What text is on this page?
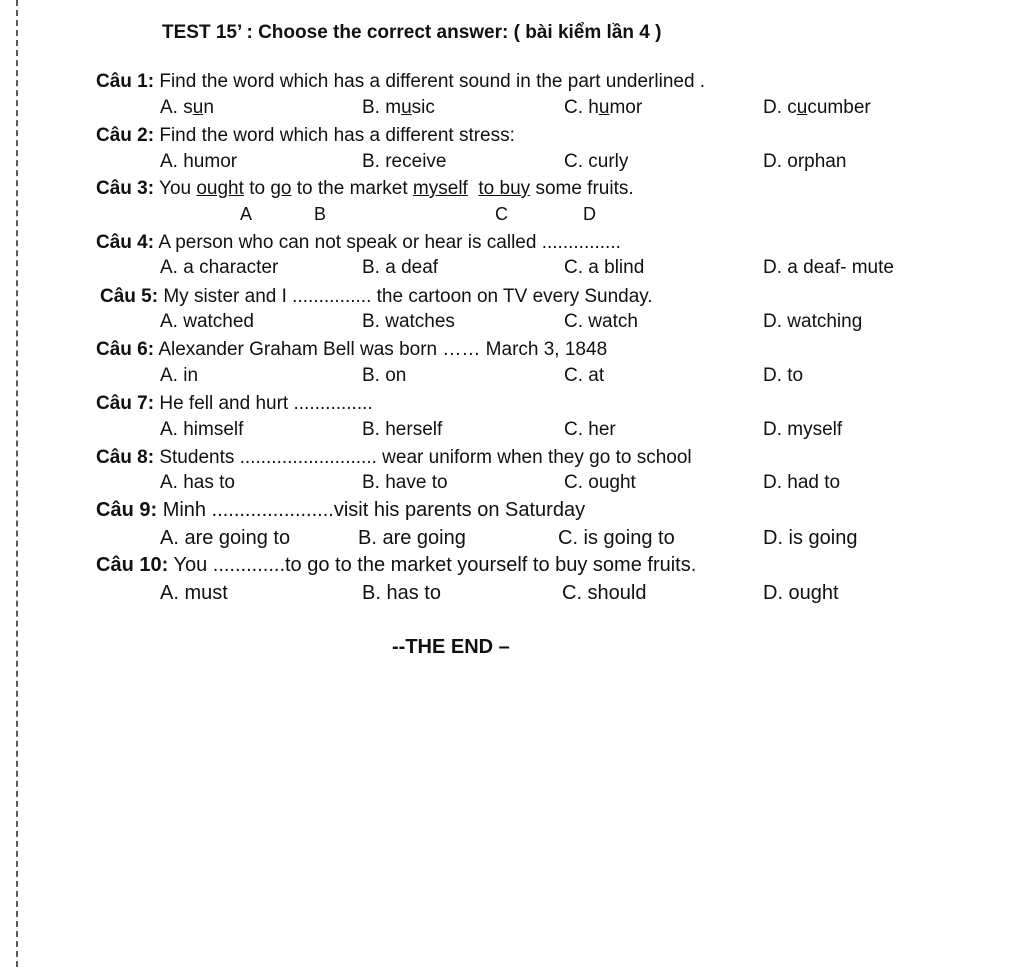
TEST 15’ : Choose the correct answer: ( bài kiểm lần 4 )
Câu 1: Find the word which has a different sound in the part underlined .
A. sun	B. music	C. humor	D. cucumber
Câu 2: Find the word which has a different stress:
A. humor	B. receive	C. curly	D. orphan
Câu 3: You ought to go to the market myself to buy some fruits.
A	B	C	D
Câu 4: A person who can not speak or hear is called ...............
A. a character	B. a deaf	C. a blind	D. a deaf- mute
Câu 5: My sister and I ............... the cartoon on TV every Sunday.
A. watched	B. watches	C. watch	D. watching
Câu 6: Alexander Graham Bell was born …… March 3, 1848
A. in	B. on	C. at	D. to
Câu 7: He fell and hurt ...............
A. himself	B. herself	C. her	D. myself
Câu 8: Students .......................... wear uniform when they go to school
A. has to	B. have to	C. ought	D. had to
Câu 9: Minh ......................visit his parents on Saturday
A. are going to	B. are going	C. is going to	D. is going
Câu 10: You .............to go to the market yourself to buy some fruits.
A. must	B. has to	C. should	D. ought
--THE END –
